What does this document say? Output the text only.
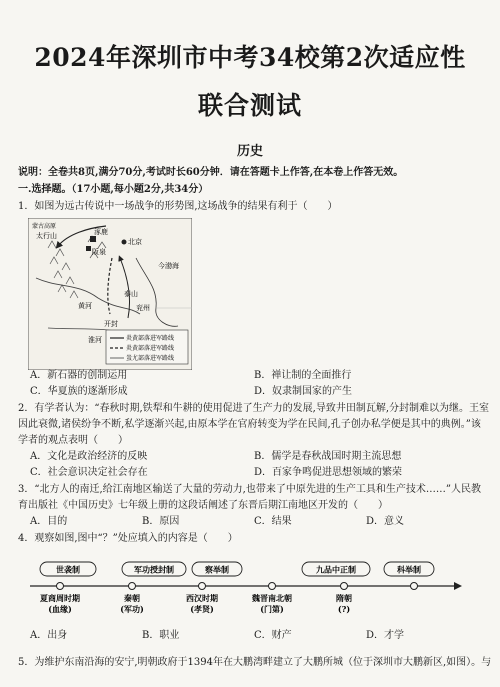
2024年深圳市中考34校第2次适应性
联合测试
历史
说明：全卷共8页,满分70分,考试时长60分钟．请在答题卡上作答,在本卷上作答无效。
一.选择题。（17小题,每小题2分,共34分）
1．如图为远古传说中一场战争的形势图,这场战争的结果有利于（　　）
涿鹿
北京
阪泉
黄河
太行山
泰山
蒙古高原
兖州
今渤海
开封
淮河	炎黄部落进军路线
炎黄部落进军路线
蚩尤部落进军路线
A．新石器的创制运用	B．禅让制的全面推行
C．华夏族的逐渐形成	D．奴隶制国家的产生
2．有学者认为：“春秋时期,铁犁和牛耕的使用促进了生产力的发展,导致井田制瓦解,分封制难以为继。王室
因此衰微,诸侯纷争不断,私学逐渐兴起,由原本学在官府转变为学在民间,孔子创办私学便是其中的典例。”该
学者的观点表明（　　）
A．文化是政治经济的反映	B．儒学是春秋战国时期主流思想
C．社会意识决定社会存在	D．百家争鸣促进思想领域的繁荣
3．“北方人的南迁,给江南地区输送了大量的劳动力,也带来了中原先进的生产工具和生产技术……”人民教
育出版社《中国历史》七年级上册的这段话阐述了东晋后期江南地区开发的（　　）
A．目的	B．原因	C．结果	D．意义
4．观察如图,图中“？”处应填入的内容是（　　）
世袭制	军功授封制	察举制	九品中正制	科举制
夏商周时期
(血缘)
秦朝
(军功)
西汉时期
(孝贤)
魏晋南北朝
(门第)
隋朝
(?)
A．出身	B．职业	C．财产	D．才学
5．为维护东南沿海的安宁,明朝政府于1394年在大鹏湾畔建立了大鹏所城（位于深圳市大鹏新区,如图）。与
